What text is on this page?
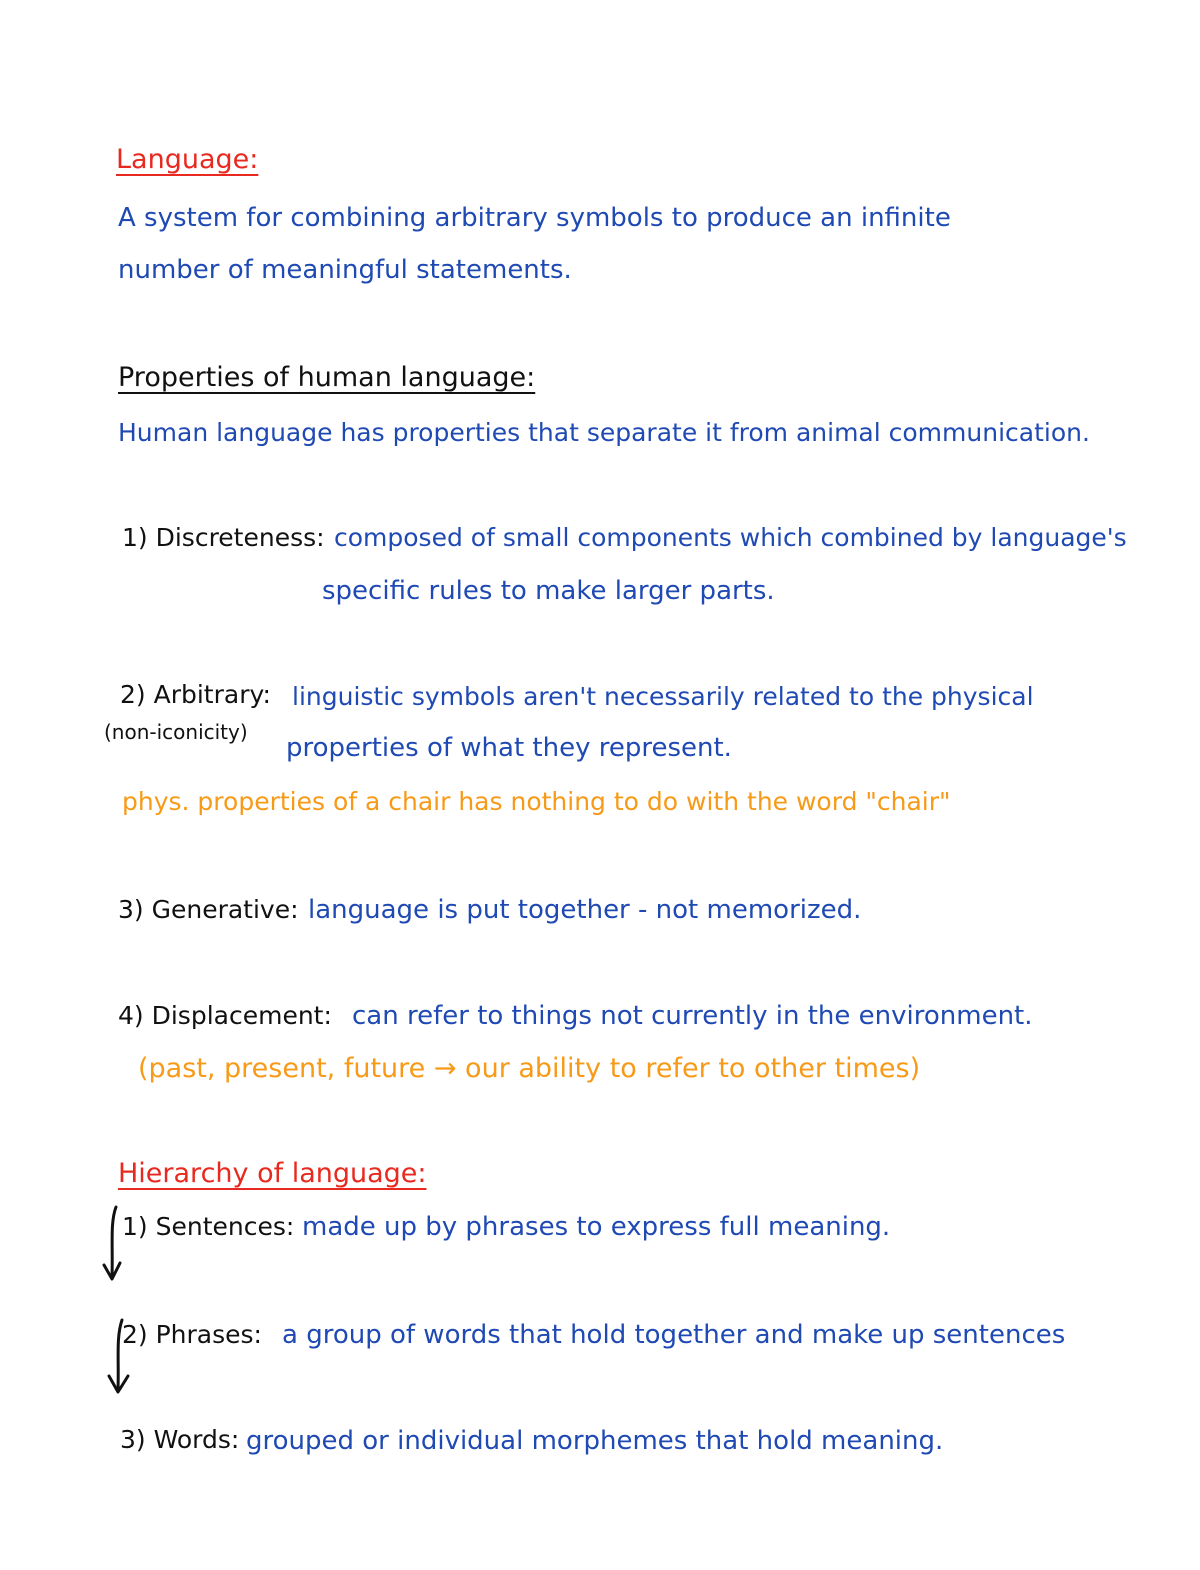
Language:
A system for combining arbitrary symbols to produce an infinite
number of meaningful statements.
Properties of human language:
Human language has properties that separate it from animal communication.
1) Discreteness: composed of small components which combined by language's
specific rules to make larger parts.
2) Arbitrary:
(non-iconicity)
linguistic symbols aren't necessarily related to the physical
properties of what they represent.
phys. properties of a chair has nothing to do with the word "chair"
3) Generative: language is put together - not memorized.
4) Displacement: can refer to things not currently in the environment.
(past, present, future → our ability to refer to other times)
Hierarchy of language:
1) Sentences: made up by phrases to express full meaning.
2) Phrases: a group of words that hold together and make up sentences
3) Words: grouped or individual morphemes that hold meaning.
